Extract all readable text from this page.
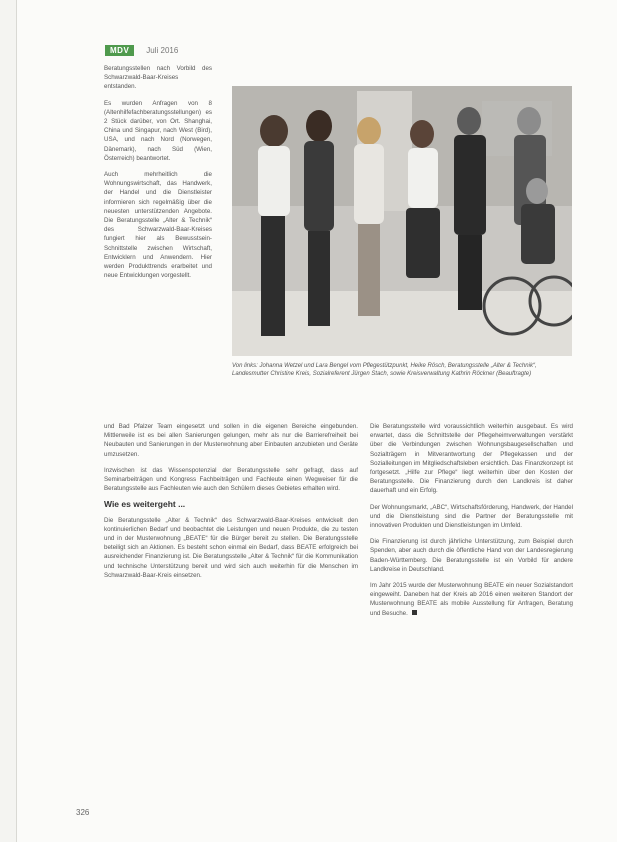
MDV	Juli 2016

Beratungsstellen nach Vorbild des Schwarzwald-Baar-Kreises entstanden.

Es wurden Anfragen von 8 (Altenhilfefachberatungsstellungen) es 2 Stück darüber, von Ort. Shanghai, China und Singapur, nach West (Bird), USA, und nach Nord (Norwegen, Dänemark), nach Süd (Wien, Österreich) beantwortet.

Auch mehrheitlich die Wohnungswirtschaft, das Handwerk, der Handel und die Dienstleister informieren sich regelmäßig über die neuesten unterstützenden Angebote. Die Beratungsstelle „Alter & Technik“ des Schwarzwald-Baar-Kreises fungiert hier als Bewusstsein-Schnittstelle zwischen Wirtschaft, Entwicklern und Anwendern. Hier werden Produkttrends erarbeitet und neue Entwicklungen vorgestellt.

Von links: Johanna Wetzel und Lara Bengel vom Pflegestützpunkt, Heike Rösch, Beratungsstelle „Alter & Technik“, Landesmutter Christine Kreis, Sozialreferent Jürgen Stach, sowie Kreisverwaltung Kathrin Röckner (Beauftragte)

und Bad Pfalzer Team eingesetzt und sollen in die eigenen Bereiche eingebunden. Mittlerweile ist es bei allen Sanierungen gelungen, mehr als nur die Barrierefreiheit bei Neubauten und Sanierungen in der Musterwohnung aber Einbauten anzubieten und Geräte umzusetzen.

Inzwischen ist das Wissenspotenzial der Beratungsstelle sehr gefragt, dass auf Seminarbeiträgen und Kongress Fachbeiträgen und Fachleute einen Wegweiser für die Beratungsstelle aus Fachleuten wie auch den Schülern dieses Gebietes erhalten wird.

Wie es weitergeht ...

Die Beratungsstelle „Alter & Technik“ des Schwarzwald-Baar-Kreises entwickelt den kontinuierlichen Bedarf und beobachtet die Leistungen und neuen Produkte, die zu testen und in der Musterwohnung „BEATE“ für die Bürger bereit zu stellen. Die Beratungsstelle beteiligt sich an Aktionen. Es besteht schon einmal ein Bedarf, dass BEATE erfolgreich bei ausreichender Finanzierung ist. Die Beratungsstelle „Alter & Technik“ für die Kommunikation und technische Unterstützung bereit und wird sich auch weiterhin für die Menschen im Schwarzwald-Baar-Kreis einsetzen.

Die Beratungsstelle wird voraussichtlich weiterhin ausgebaut. Es wird erwartet, dass die Schnittstelle der Pflegeheimverwaltungen verstärkt über die Verbindungen zwischen Wohnungsbaugesellschaften und Sozialträgern in Mitverantwortung der Pflegekassen und der Sozialleitungen im Mitgliedschaftsleben ersichtlich. Das Finanzkonzept ist fortgesetzt. „Hilfe zur Pflege“ liegt weiterhin über den Kosten der Beratungsstelle. Die Finanzierung durch den Landkreis ist daher dauerhaft und ein Erfolg.

Der Wohnungsmarkt, „ABC“, Wirtschaftsförderung, Handwerk, der Handel und die Dienstleistung sind die Partner der Beratungsstelle mit innovativen Produkten und Dienstleistungen im Umfeld.

Die Finanzierung ist durch jährliche Unterstützung, zum Beispiel durch Spenden, aber auch durch die öffentliche Hand von der Landesregierung Baden-Württemberg. Die Beratungsstelle ist ein Vorbild für andere Landkreise in Deutschland.

Im Jahr 2015 wurde der Musterwohnung BEATE ein neuer Sozialstandort eingeweiht. Daneben hat der Kreis ab 2016 einen weiteren Standort der Musterwohnung BEATE als mobile Ausstellung für Anfragen, Beratung und Besuche.

326
